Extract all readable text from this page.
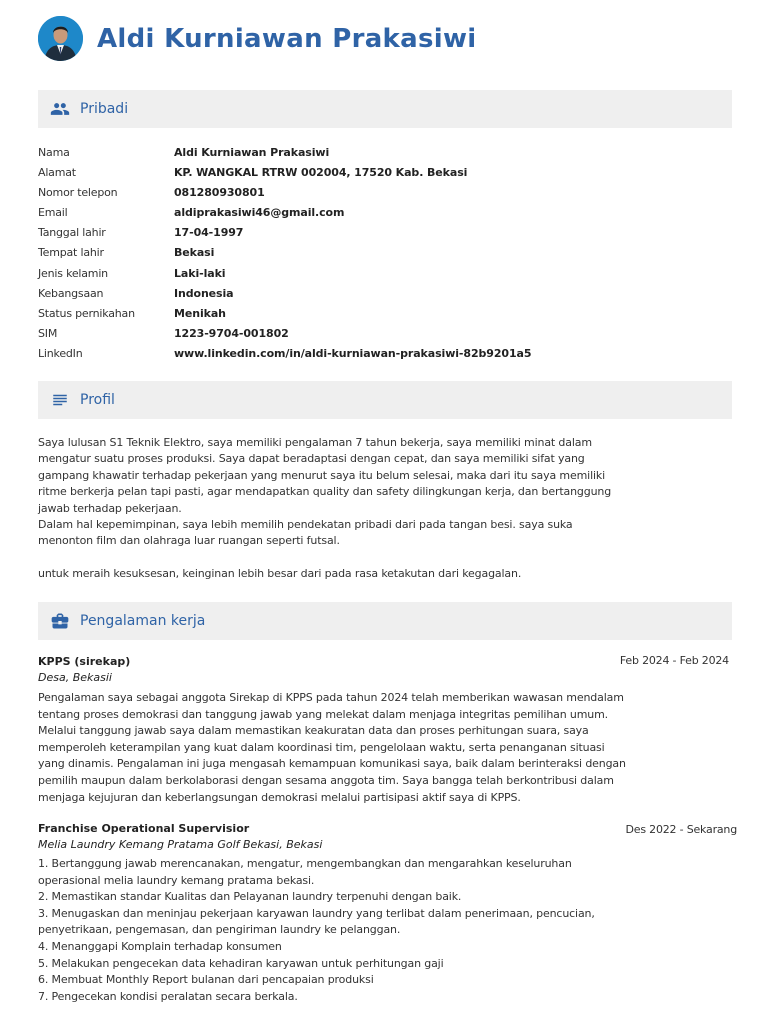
Aldi Kurniawan Prakasiwi
Pribadi
Nama	Aldi Kurniawan Prakasiwi
Alamat	KP. WANGKAL RTRW 002004, 17520 Kab. Bekasi
Nomor telepon	081280930801
Email	aldiprakasiwi46@gmail.com
Tanggal lahir	17-04-1997
Tempat lahir	Bekasi
Jenis kelamin	Laki-laki
Kebangsaan	Indonesia
Status pernikahan	Menikah
SIM	1223-9704-001802
LinkedIn	www.linkedin.com/in/aldi-kurniawan-prakasiwi-82b9201a5
Profil

Saya lulusan S1 Teknik Elektro, saya memiliki pengalaman 7 tahun bekerja, saya memiliki minat dalam mengatur suatu proses produksi. Saya dapat beradaptasi dengan cepat, dan saya memiliki sifat yang gampang khawatir terhadap pekerjaan yang menurut saya itu belum selesai, maka dari itu saya memiliki ritme berkerja pelan tapi pasti, agar mendapatkan quality dan safety dilingkungan kerja, dan bertanggung jawab terhadap pekerjaan.

Dalam hal kepemimpinan, saya lebih memilih pendekatan pribadi dari pada tangan besi. saya suka menonton film dan olahraga luar ruangan seperti futsal.

untuk meraih kesuksesan, keinginan lebih besar dari pada rasa ketakutan dari kegagalan.

Pengalaman kerja
KPPS (sirekap)
Desa, Bekasii

Pengalaman saya sebagai anggota Sirekap di KPPS pada tahun 2024 telah memberikan wawasan mendalam tentang proses demokrasi dan tanggung jawab yang melekat dalam menjaga integritas pemilihan umum. Melalui tanggung jawab saya dalam memastikan keakuratan data dan proses perhitungan suara, saya memperoleh keterampilan yang kuat dalam koordinasi tim, pengelolaan waktu, serta penanganan situasi yang dinamis. Pengalaman ini juga mengasah kemampuan komunikasi saya, baik dalam berinteraksi dengan pemilih maupun dalam berkolaborasi dengan sesama anggota tim. Saya bangga telah berkontribusi dalam menjaga kejujuran dan keberlangsungan demokrasi melalui partisipasi aktif saya di KPPS.

Feb 2024 - Feb 2024
Franchise Operational Supervisior
Melia Laundry Kemang Pratama Golf Bekasi, Bekasi

1. Bertanggung jawab merencanakan, mengatur, mengembangkan dan mengarahkan keseluruhan operasional melia laundry kemang pratama bekasi.

2. Memastikan standar Kualitas dan Pelayanan laundry terpenuhi dengan baik.

3. Menugaskan dan meninjau pekerjaan karyawan laundry yang terlibat dalam penerimaan, pencucian, penyetrikaan, pengemasan, dan pengiriman laundry ke pelanggan.

4. Menanggapi Komplain terhadap konsumen

5. Melakukan pengecekan data kehadiran karyawan untuk perhitungan gaji

6. Membuat Monthly Report bulanan dari pencapaian produksi

7. Pengecekan kondisi peralatan secara berkala.

Des 2022 - Sekarang
